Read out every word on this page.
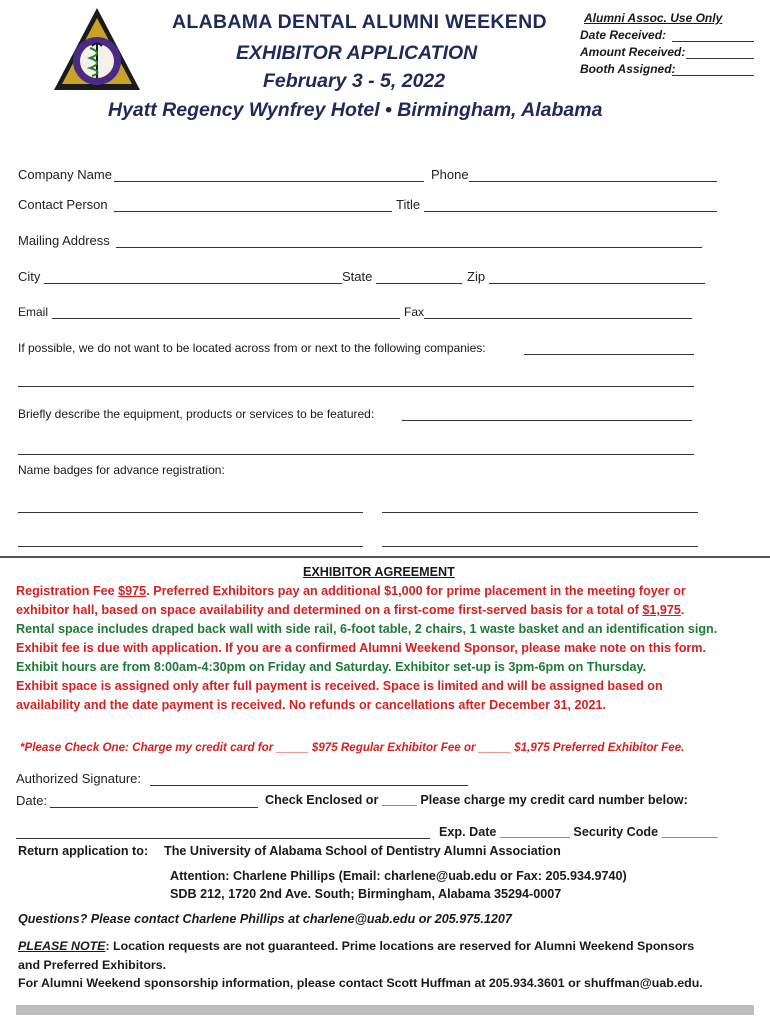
ALABAMA DENTAL ALUMNI WEEKEND
EXHIBITOR APPLICATION
February 3 - 5, 2022
Hyatt Regency Wynfrey Hotel • Birmingham, Alabama
Alumni Assoc. Use Only
Date Received:
Amount Received:
Booth Assigned:
Company Name	Phone
Contact Person	Title
Mailing Address
City	State	Zip
Email	Fax
If possible, we do not want to be located across from or next to the following companies:
Briefly describe the equipment, products or services to be featured:
Name badges for advance registration:
EXHIBITOR AGREEMENT
Registration Fee $975. Preferred Exhibitors pay an additional $1,000 for prime placement in the meeting foyer or
exhibitor hall, based on space availability and determined on a first-come first-served basis for a total of $1,975.
Rental space includes draped back wall with side rail, 6-foot table, 2 chairs, 1 waste basket and an identification sign.
Exhibit fee is due with application. If you are a confirmed Alumni Weekend Sponsor, please make note on this form.
Exhibit hours are from 8:00am-4:30pm on Friday and Saturday. Exhibitor set-up is 3pm-6pm on Thursday.
Exhibit space is assigned only after full payment is received. Space is limited and will be assigned based on
availability and the date payment is received. No refunds or cancellations after December 31, 2021.
*Please Check One: Charge my credit card for _____ $975 Regular Exhibitor Fee or _____ $1,975 Preferred Exhibitor Fee.
Authorized Signature:
Date:	Check Enclosed or _____ Please charge my credit card number below:
Exp. Date __________ Security Code ________
Return application to: The University of Alabama School of Dentistry Alumni Association
Attention: Charlene Phillips (Email: charlene@uab.edu or Fax: 205.934.9740)
SDB 212, 1720 2nd Ave. South; Birmingham, Alabama 35294-0007
Questions? Please contact Charlene Phillips at charlene@uab.edu or 205.975.1207
PLEASE NOTE: Location requests are not guaranteed. Prime locations are reserved for Alumni Weekend Sponsors
and Preferred Exhibitors.
For Alumni Weekend sponsorship information, please contact Scott Huffman at 205.934.3601 or shuffman@uab.edu.
